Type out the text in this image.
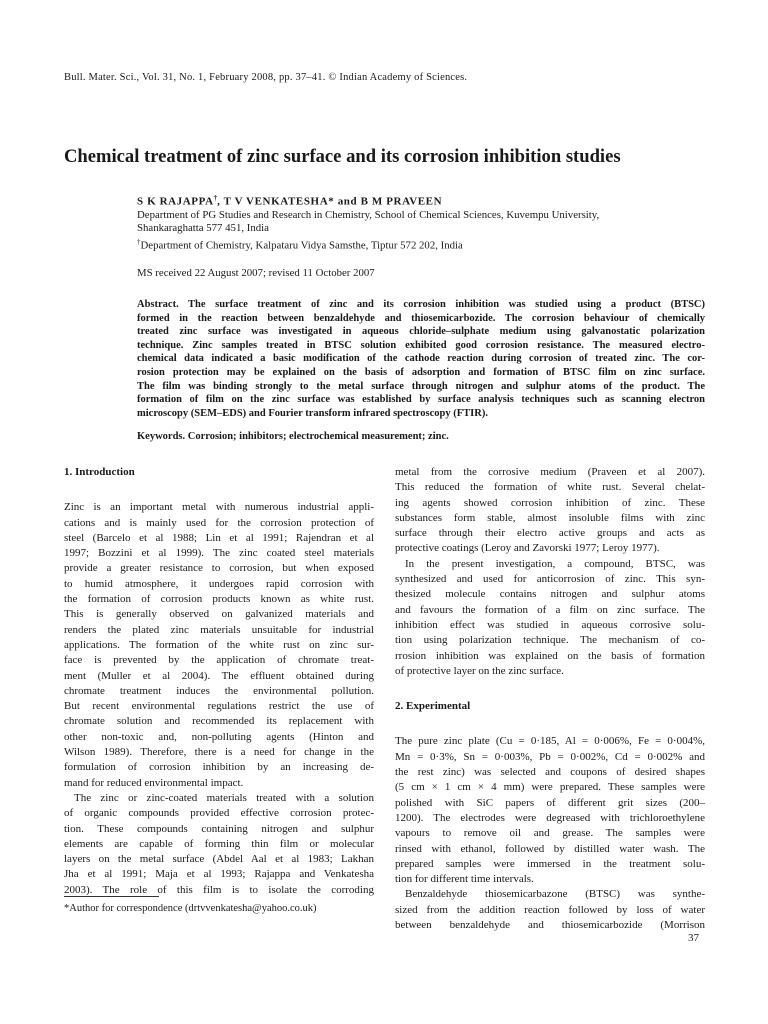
Bull. Mater. Sci., Vol. 31, No. 1, February 2008, pp. 37–41. © Indian Academy of Sciences.
Chemical treatment of zinc surface and its corrosion inhibition studies
S K RAJAPPA†, T V VENKATESHA* and B M PRAVEEN
Department of PG Studies and Research in Chemistry, School of Chemical Sciences, Kuvempu University,
Shankaraghatta 577 451, India
†Department of Chemistry, Kalpataru Vidya Samsthe, Tiptur 572 202, India
MS received 22 August 2007; revised 11 October 2007
Abstract. The surface treatment of zinc and its corrosion inhibition was studied using a product (BTSC)
formed in the reaction between benzaldehyde and thiosemicarbozide. The corrosion behaviour of chemically
treated zinc surface was investigated in aqueous chloride–sulphate medium using galvanostatic polarization
technique. Zinc samples treated in BTSC solution exhibited good corrosion resistance. The measured electro-
chemical data indicated a basic modification of the cathode reaction during corrosion of treated zinc. The cor-
rosion protection may be explained on the basis of adsorption and formation of BTSC film on zinc surface.
The film was binding strongly to the metal surface through nitrogen and sulphur atoms of the product. The
formation of film on the zinc surface was established by surface analysis techniques such as scanning electron
microscopy (SEM–EDS) and Fourier transform infrared spectroscopy (FTIR).
Keywords. Corrosion; inhibitors; electrochemical measurement; zinc.
1. Introduction
Zinc is an important metal with numerous industrial appli-
cations and is mainly used for the corrosion protection of
steel (Barcelo et al 1988; Lin et al 1991; Rajendran et al
1997; Bozzini et al 1999). The zinc coated steel materials
provide a greater resistance to corrosion, but when exposed
to humid atmosphere, it undergoes rapid corrosion with
the formation of corrosion products known as white rust.
This is generally observed on galvanized materials and
renders the plated zinc materials unsuitable for industrial
applications. The formation of the white rust on zinc sur-
face is prevented by the application of chromate treat-
ment (Muller et al 2004). The effluent obtained during
chromate treatment induces the environmental pollution.
But recent environmental regulations restrict the use of
chromate solution and recommended its replacement with
other non-toxic and, non-polluting agents (Hinton and
Wilson 1989). Therefore, there is a need for change in the
formulation of corrosion inhibition by an increasing de-
mand for reduced environmental impact.
The zinc or zinc-coated materials treated with a solution
of organic compounds provided effective corrosion protec-
tion. These compounds containing nitrogen and sulphur
elements are capable of forming thin film or molecular
layers on the metal surface (Abdel Aal et al 1983; Lakhan
Jha et al 1991; Maja et al 1993; Rajappa and Venkatesha
2003). The role of this film is to isolate the corroding
metal from the corrosive medium (Praveen et al 2007).
This reduced the formation of white rust. Several chelat-
ing agents showed corrosion inhibition of zinc. These
substances form stable, almost insoluble films with zinc
surface through their electro active groups and acts as
protective coatings (Leroy and Zavorski 1977; Leroy 1977).
In the present investigation, a compound, BTSC, was
synthesized and used for anticorrosion of zinc. This syn-
thesized molecule contains nitrogen and sulphur atoms
and favours the formation of a film on zinc surface. The
inhibition effect was studied in aqueous corrosive solu-
tion using polarization technique. The mechanism of co-
rrosion inhibition was explained on the basis of formation
of protective layer on the zinc surface.
2. Experimental
The pure zinc plate (Cu = 0·185, Al = 0·006%, Fe = 0·004%,
Mn = 0·3%, Sn = 0·003%, Pb = 0·002%, Cd = 0·002% and
the rest zinc) was selected and coupons of desired shapes
(5 cm × 1 cm × 4 mm) were prepared. These samples were
polished with SiC papers of different grit sizes (200–
1200). The electrodes were degreased with trichloroethylene
vapours to remove oil and grease. The samples were
rinsed with ethanol, followed by distilled water wash. The
prepared samples were immersed in the treatment solu-
tion for different time intervals.
Benzaldehyde thiosemicarbazone (BTSC) was synthe-
sized from the addition reaction followed by loss of water
between benzaldehyde and thiosemicarbozide (Morrison
*Author for correspondence (drtvvenkatesha@yahoo.co.uk)
37
